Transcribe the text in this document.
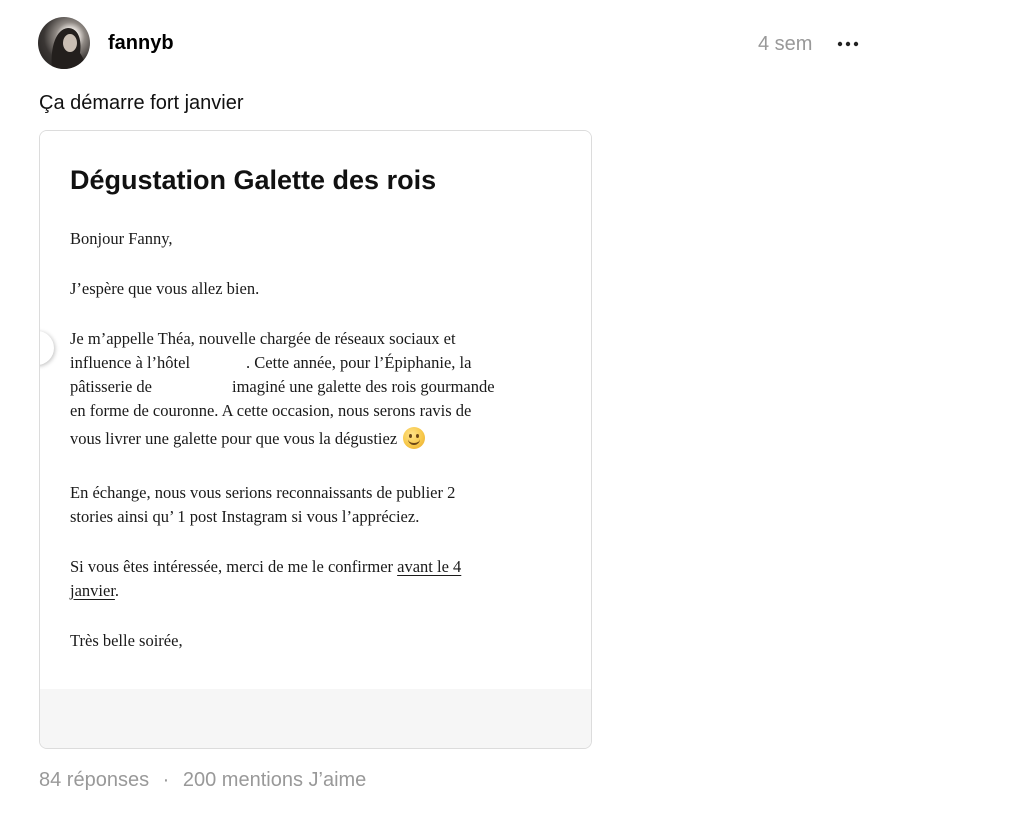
fannyb	4 sem
Ça démarre fort janvier
Dégustation Galette des rois

Bonjour Fanny,

J’espère que vous allez bien.

Je m’appelle Théa, nouvelle chargée de réseaux sociaux et
influence à l’hôtel	. Cette année, pour l’Épiphanie, la
pâtisserie de	imaginé une galette des rois gourmande
en forme de couronne. A cette occasion, nous serons ravis de
vous livrer une galette pour que vous la dégustiez

En échange, nous vous serions reconnaissants de publier 2
stories ainsi qu’ 1 post Instagram si vous l’appréciez.

Si vous êtes intéressée, merci de me le confirmer avant le 4
janvier.

Très belle soirée,

84 réponses · 200 mentions J’aime
